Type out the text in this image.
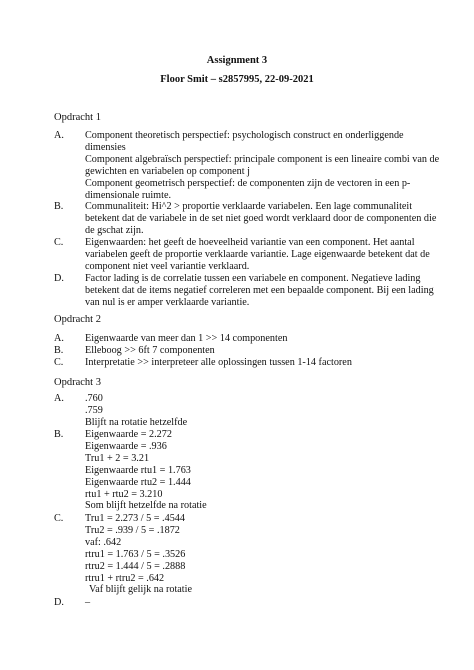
Assignment 3
Floor Smit – s2857995, 22-09-2021
Opdracht 1
A.	Component theoretisch perspectief: psychologisch construct en onderliggende
dimensies
Component algebraïsch perspectief: principale component is een lineaire combi van de
gewichten en variabelen op component j
Component geometrisch perspectief: de componenten zijn de vectoren in een p-
dimensionale ruimte.
B.	Communaliteit: Hi^2 > proportie verklaarde variabelen. Een lage communaliteit
betekent dat de variabele in de set niet goed wordt verklaard door de componenten die
de gschat zijn.
C.	Eigenwaarden: het geeft de hoeveelheid variantie van een component. Het aantal
variabelen geeft de proportie verklaarde variantie. Lage eigenwaarde betekent dat de
component niet veel variantie verklaard.
D.	Factor lading is de correlatie tussen een variabele en component. Negatieve lading
betekent dat de items negatief correleren met een bepaalde component. Bij een lading
van nul is er amper verklaarde variantie.
Opdracht 2
A.	Eigenwaarde van meer dan 1 >> 14 componenten
B.	Elleboog >> 6ft 7 componenten
C.	Interpretatie >> interpreteer alle oplossingen tussen 1-14 factoren
Opdracht 3
A.	.760
.759
Blijft na rotatie hetzelfde
B.	Eigenwaarde = 2.272
Eigenwaarde = .936
Tru1 + 2 = 3.21
Eigenwaarde rtu1 = 1.763
Eigenwaarde rtu2 = 1.444
rtu1 + rtu2 = 3.210
Som blijft hetzelfde na rotatie
C.	Tru1 = 2.273 / 5 = .4544
Tru2 = .939 / 5 = .1872
vaf: .642
rtru1 = 1.763 / 5 = .3526
rtru2 = 1.444 / 5 = .2888
rtru1 + rtru2 = .642
Vaf blijft gelijk na rotatie
D.	–
